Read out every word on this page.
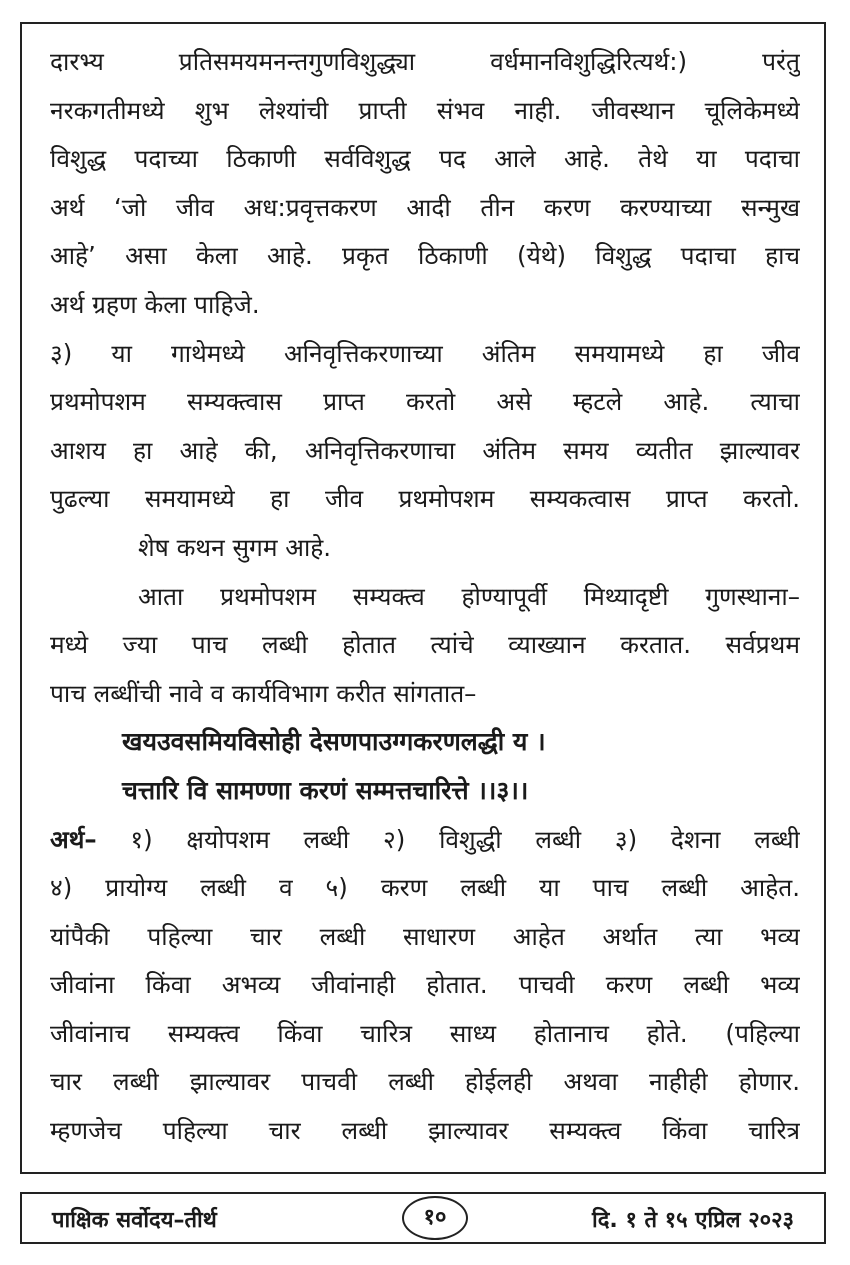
दारभ्य प्रतिसमयमनन्तगुणविशुद्ध्या वर्धमानविशुद्धिरित्यर्थ:) परंतु
नरकगतीमध्ये शुभ लेश्यांची प्राप्ती संभव नाही. जीवस्थान चूलिकेमध्ये
विशुद्ध पदाच्या ठिकाणी सर्वविशुद्ध पद आले आहे. तेथे या पदाचा
अर्थ ‘जो जीव अध:प्रवृत्तकरण आदी तीन करण करण्याच्या सन्मुख
आहे’ असा केला आहे. प्रकृत ठिकाणी (येथे) विशुद्ध पदाचा हाच
अर्थ ग्रहण केला पाहिजे.
३) या गाथेमध्ये अनिवृत्तिकरणाच्या अंतिम समयामध्ये हा जीव
प्रथमोपशम सम्यक्त्वास प्राप्त करतो असे म्हटले आहे. त्याचा
आशय हा आहे की, अनिवृत्तिकरणाचा अंतिम समय व्यतीत झाल्यावर
पुढल्या समयामध्ये हा जीव प्रथमोपशम सम्यकत्वास प्राप्त करतो.
शेष कथन सुगम आहे.
आता प्रथमोपशम सम्यक्त्व होण्यापूर्वी मिथ्यादृष्टी गुणस्थाना–
मध्ये ज्या पाच लब्धी होतात त्यांचे व्याख्यान करतात. सर्वप्रथम
पाच लब्धींची नावे व कार्यविभाग करीत सांगतात–
खयउवसमियविसोही देसणपाउग्गकरणलद्धी य ।
चत्तारि वि सामण्णा करणं सम्मत्तचारित्ते ।।३।।
अर्थ– १) क्षयोपशम लब्धी २) विशुद्धी लब्धी ३) देशना लब्धी
४) प्रायोग्य लब्धी व ५) करण लब्धी या पाच लब्धी आहेत.
यांपैकी पहिल्या चार लब्धी साधारण आहेत अर्थात त्या भव्य
जीवांना किंवा अभव्य जीवांनाही होतात. पाचवी करण लब्धी भव्य
जीवांनाच सम्यक्त्व किंवा चारित्र साध्य होतानाच होते. (पहिल्या
चार लब्धी झाल्यावर पाचवी लब्धी होईलही अथवा नाहीही होणार.
म्हणजेच पहिल्या चार लब्धी झाल्यावर सम्यक्त्व किंवा चारित्र
पाक्षिक सर्वोदय–तीर्थ	१०	दि. १ ते १५ एप्रिल २०२३
